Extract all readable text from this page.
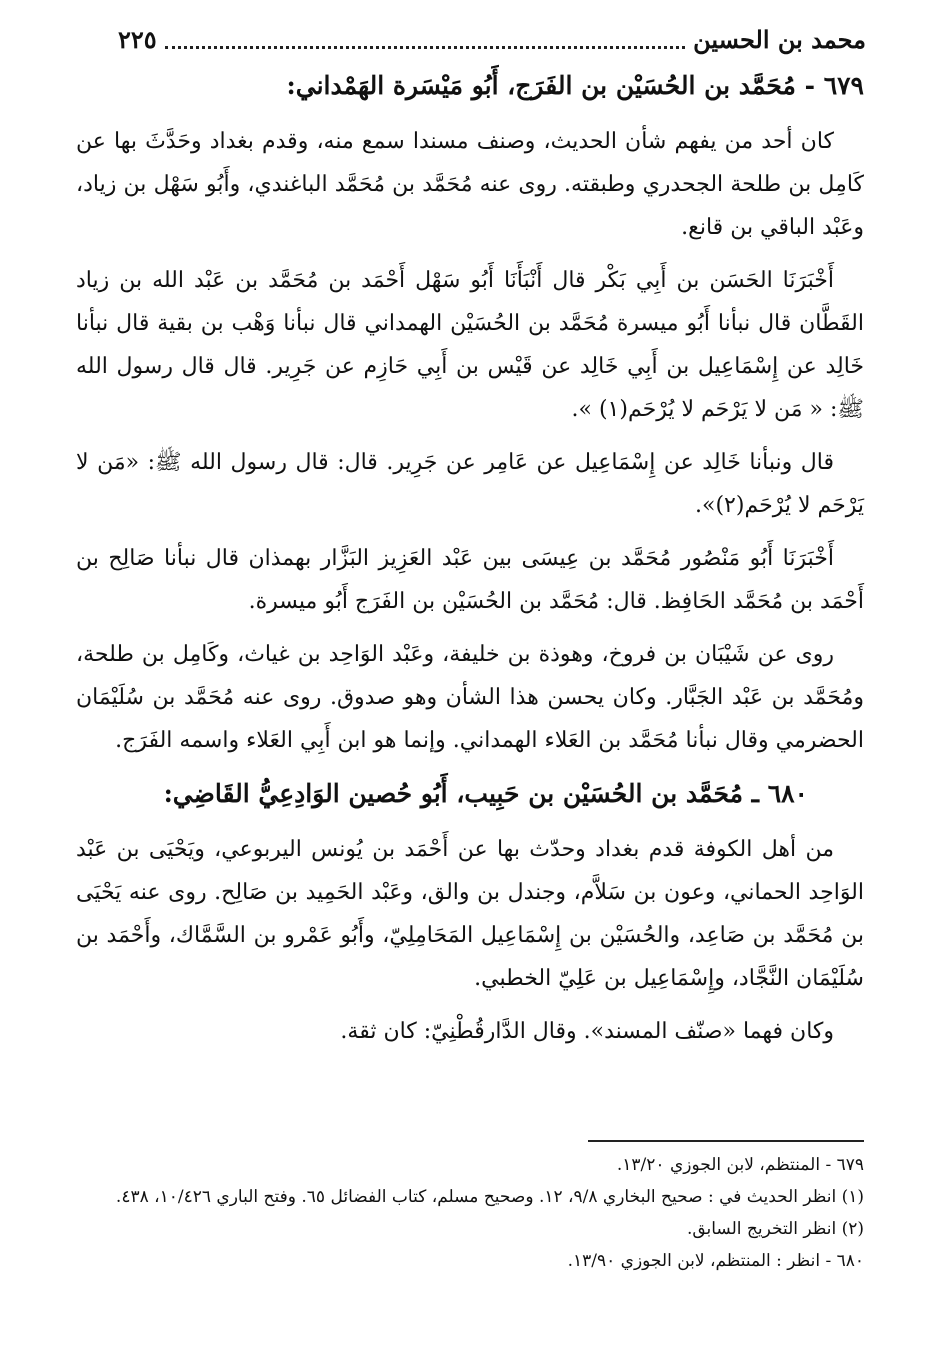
محمد بن الحسين
٢٢٥
٦٧٩ - مُحَمَّد بن الحُسَيْن بن الفَرَج، أَبُو مَيْسَرة الهَمْداني:

كان أحد من يفهم شأن الحديث، وصنف مسندا سمع منه، وقدم بغداد وحَدَّثَ بها عن كَامِل بن طلحة الجحدري وطبقته. روى عنه مُحَمَّد بن مُحَمَّد الباغندي، وأَبُو سَهْل بن زياد، وعَبْد الباقي بن قانع.

أَخْبَرَنَا الحَسَن بن أَبِي بَكْر قال أَنْبَأَنَا أَبُو سَهْل أَحْمَد بن مُحَمَّد بن عَبْد الله بن زياد القَطَّان قال نبأنا أَبُو ميسرة مُحَمَّد بن الحُسَيْن الهمداني قال نبأنا وَهْب بن بقية قال نبأنا خَالِد عن إِسْمَاعِيل بن أَبِي خَالِد عن قَيْس بن أَبِي حَازِم عن جَرِير. قال قال رسول الله ﷺ: « مَن لا يَرْحَم لا يُرْحَم(١) ».

قال ونبأنا خَالِد عن إِسْمَاعِيل عن عَامِر عن جَرِير. قال: قال رسول الله ﷺ: «مَن لا يَرْحَم لا يُرْحَم(٢)».

أَخْبَرَنَا أَبُو مَنْصُور مُحَمَّد بن عِيسَى بين عَبْد العَزِيز البَزَّار بهمذان قال نبأنا صَالِح بن أَحْمَد بن مُحَمَّد الحَافِظ. قال: مُحَمَّد بن الحُسَيْن بن الفَرَج أَبُو ميسرة.

روى عن شَيْبَان بن فروخ، وهوذة بن خليفة، وعَبْد الوَاحِد بن غياث، وكَامِل بن طلحة، ومُحَمَّد بن عَبْد الجَبَّار. وكان يحسن هذا الشأن وهو صدوق. روى عنه مُحَمَّد بن سُلَيْمَان الحضرمي وقال نبأنا مُحَمَّد بن العَلاء الهمداني. وإنما هو ابن أَبِي العَلاء واسمه الفَرَج.

٦٨٠ ـ مُحَمَّد بن الحُسَيْن بن حَبِيب، أَبُو حُصين الوَادِعِيُّ القَاضِي:

من أهل الكوفة قدم بغداد وحدّث بها عن أَحْمَد بن يُونس اليربوعي، ويَحْيَى بن عَبْد الوَاحِد الحماني، وعون بن سَلاَّم، وجندل بن والق، وعَبْد الحَمِيد بن صَالِح. روى عنه يَحْيَى بن مُحَمَّد بن صَاعِد، والحُسَيْن بن إِسْمَاعِيل المَحَامِلِيّ، وأَبُو عَمْرو بن السَّمَّاك، وأَحْمَد بن سُلَيْمَان النَّجَّاد، وإِسْمَاعِيل بن عَلِيّ الخطبي.

وكان فهما «صنّف المسند». وقال الدَّارقُطْنِيّ: كان ثقة.

٦٧٩ - المنتظم، لابن الجوزي ١٣/٢٠.
(١) انظر الحديث في : صحيح البخاري ٩/٨، ١٢. وصحيح مسلم، كتاب الفضائل ٦٥. وفتح الباري ١٠/٤٢٦، ٤٣٨.
(٢) انظر التخريج السابق.
٦٨٠ - انظر : المنتظم، لابن الجوزي ١٣/٩٠.
